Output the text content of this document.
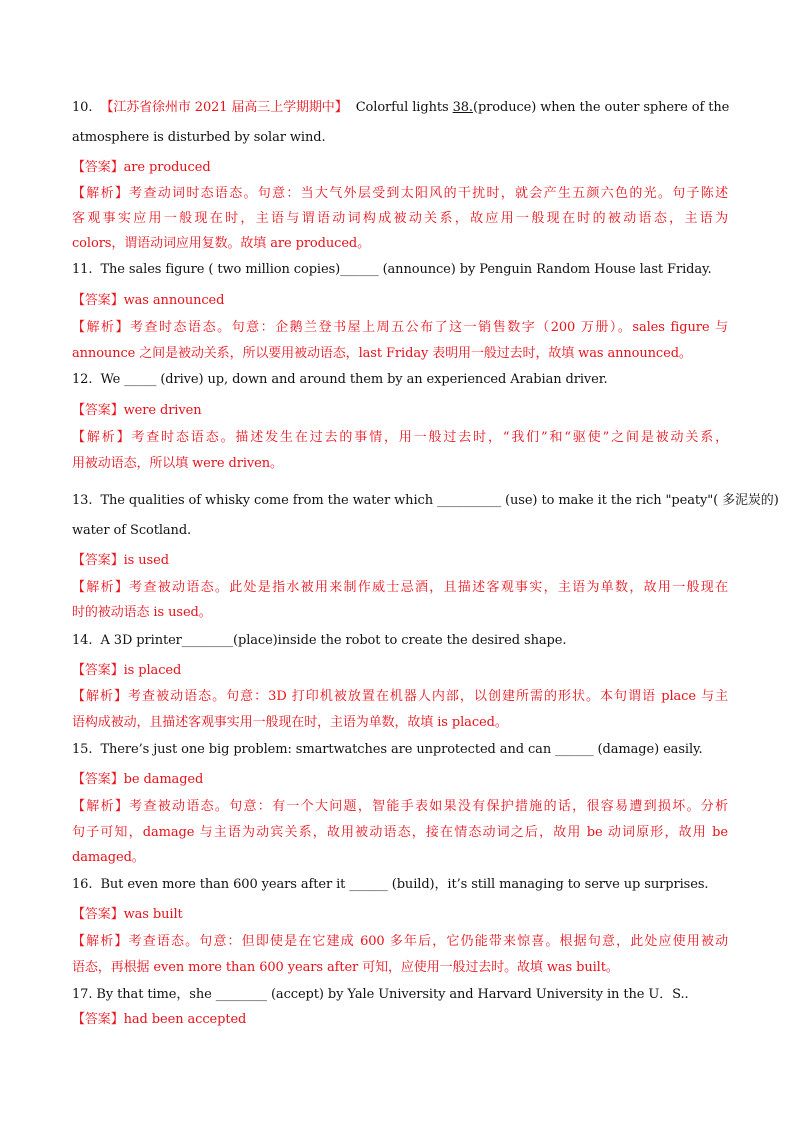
10. 【江苏省徐州市 2021 届高三上学期期中】 Colorful lights 38.(produce) when the outer sphere of the
atmosphere is disturbed by solar wind.
【答案】are produced
【解析】考查动词时态语态。句意：当大气外层受到太阳风的干扰时，就会产生五颜六色的光。句子陈述
客观事实应用一般现在时，主语与谓语动词构成被动关系，故应用一般现在时的被动语态，主语为
colors，谓语动词应用复数。故填 are produced。
11. The sales figure ( two million copies)______ (announce) by Penguin Random House last Friday.
【答案】was announced
【解析】考查时态语态。句意：企鹅兰登书屋上周五公布了这一销售数字（200 万册）。sales figure 与
announce 之间是被动关系，所以要用被动语态，last Friday 表明用一般过去时，故填 was announced。
12. We _____ (drive) up, down and around them by an experienced Arabian driver.
【答案】were driven
【解析】考查时态语态。描述发生在过去的事情，用一般过去时，“我们”和“驱使”之间是被动关系，
用被动语态，所以填 were driven。
13. The qualities of whisky come from the water which __________ (use) to make it the rich "peaty"( 多泥炭的)
water of Scotland.
【答案】is used
【解析】考查被动语态。此处是指水被用来制作威士忌酒，且描述客观事实，主语为单数，故用一般现在
时的被动语态 is used。
14. A 3D printer________(place)inside the robot to create the desired shape.
【答案】is placed
【解析】考查被动语态。句意：3D 打印机被放置在机器人内部，以创建所需的形状。本句谓语 place 与主
语构成被动，且描述客观事实用一般现在时，主语为单数，故填 is placed。
15. There’s just one big problem: smartwatches are unprotected and can ______ (damage) easily.
【答案】be damaged
【解析】考查被动语态。句意：有一个大问题，智能手表如果没有保护措施的话，很容易遭到损坏。分析
句子可知，damage 与主语为动宾关系，故用被动语态，接在情态动词之后，故用 be 动词原形，故用 be
damaged。
16. But even more than 600 years after it ______ (build)，it’s still managing to serve up surprises.
【答案】was built
【解析】考查语态。句意：但即使是在它建成 600 多年后，它仍能带来惊喜。根据句意，此处应使用被动
语态，再根据 even more than 600 years after 可知，应使用一般过去时。故填 was built。
17. By that time，she ________ (accept) by Yale University and Harvard University in the U．S..
【答案】had been accepted
